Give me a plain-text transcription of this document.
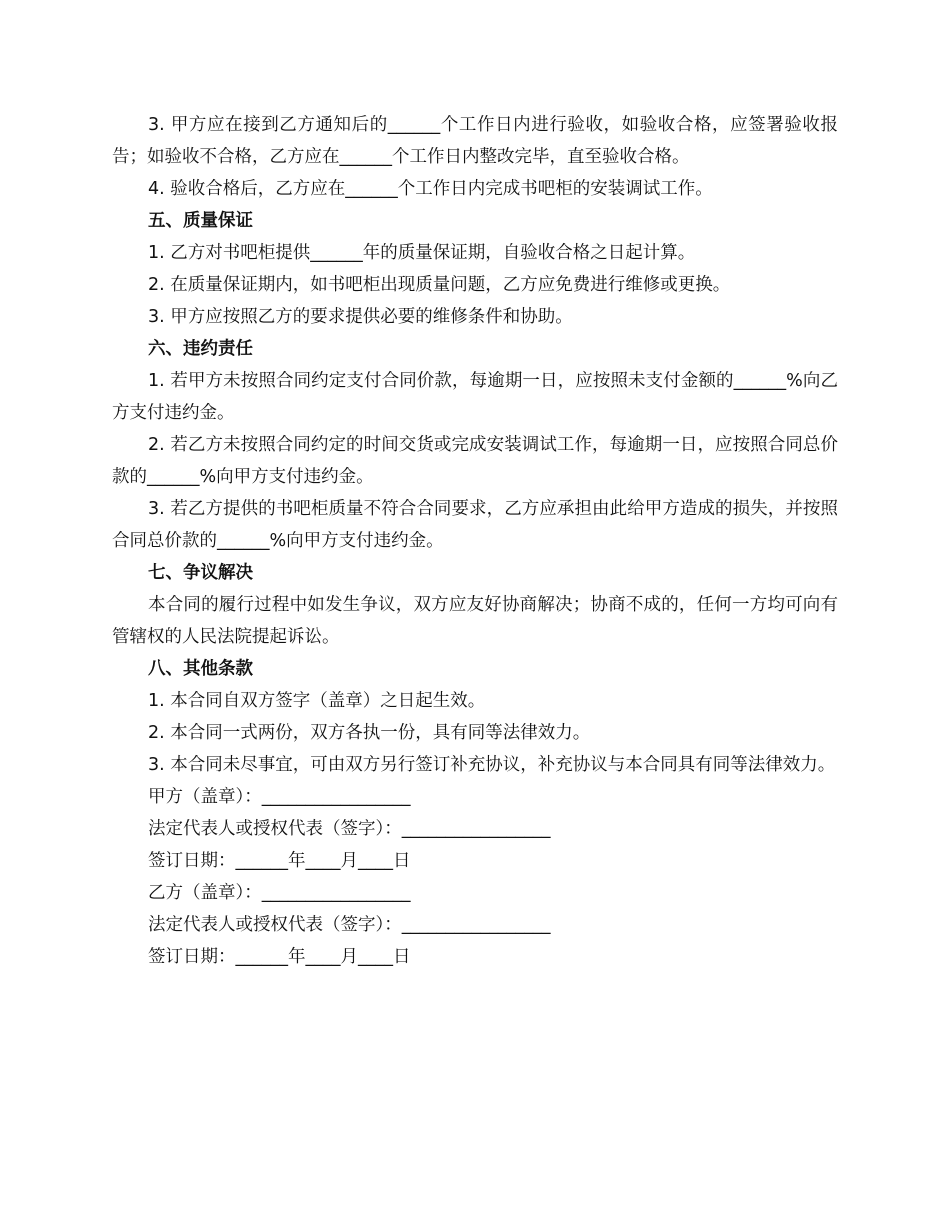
3. 甲方应在接到乙方通知后的______个工作日内进行验收，如验收合格，应签署验收报告；如验收不合格，乙方应在______个工作日内整改完毕，直至验收合格。

4. 验收合格后，乙方应在______个工作日内完成书吧柜的安装调试工作。

五、质量保证

1. 乙方对书吧柜提供______年的质量保证期，自验收合格之日起计算。

2. 在质量保证期内，如书吧柜出现质量问题，乙方应免费进行维修或更换。

3. 甲方应按照乙方的要求提供必要的维修条件和协助。

六、违约责任

1. 若甲方未按照合同约定支付合同价款，每逾期一日，应按照未支付金额的______%向乙方支付违约金。

2. 若乙方未按照合同约定的时间交货或完成安装调试工作，每逾期一日，应按照合同总价款的______%向甲方支付违约金。

3. 若乙方提供的书吧柜质量不符合合同要求，乙方应承担由此给甲方造成的损失，并按照合同总价款的______%向甲方支付违约金。

七、争议解决

本合同的履行过程中如发生争议，双方应友好协商解决；协商不成的，任何一方均可向有管辖权的人民法院提起诉讼。

八、其他条款

1. 本合同自双方签字（盖章）之日起生效。

2. 本合同一式两份，双方各执一份，具有同等法律效力。

3. 本合同未尽事宜，可由双方另行签订补充协议，补充协议与本合同具有同等法律效力。

甲方（盖章）：_________________

法定代表人或授权代表（签字）：_________________

签订日期：______年____月____日

乙方（盖章）：_________________

法定代表人或授权代表（签字）：_________________

签订日期：______年____月____日
